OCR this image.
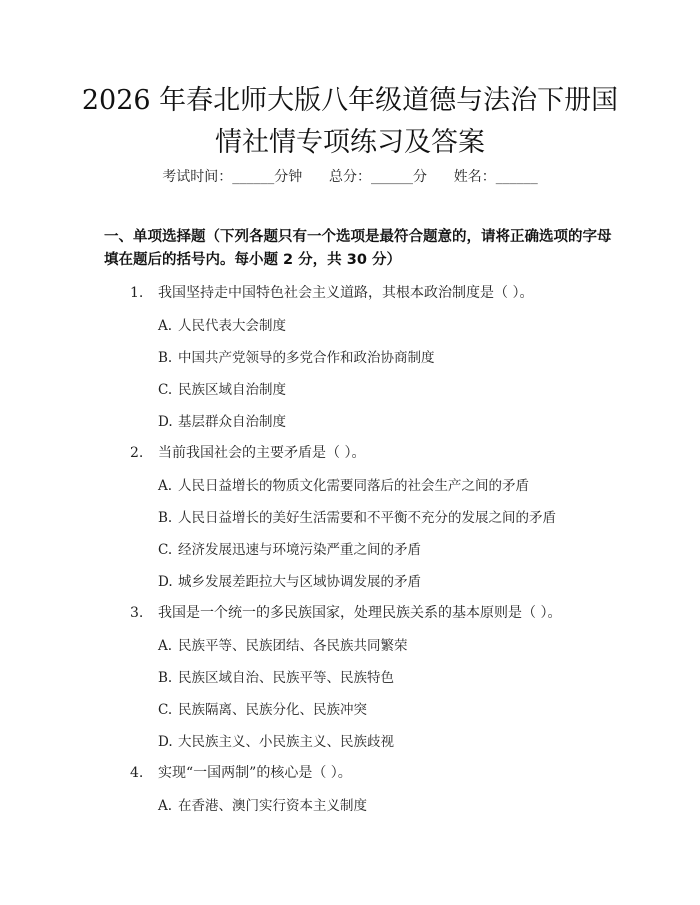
2026 年春北师大版八年级道德与法治下册国
情社情专项练习及答案
考试时间：______分钟      总分：______分      姓名：______
一、单项选择题（下列各题只有一个选项是最符合题意的，请将正确选项的字母
填在题后的括号内。每小题 2 分，共 30 分）
1. 我国坚持走中国特色社会主义道路，其根本政治制度是（ ）。
A. 人民代表大会制度
B. 中国共产党领导的多党合作和政治协商制度
C. 民族区域自治制度
D. 基层群众自治制度
2. 当前我国社会的主要矛盾是（ ）。
A. 人民日益增长的物质文化需要同落后的社会生产之间的矛盾
B. 人民日益增长的美好生活需要和不平衡不充分的发展之间的矛盾
C. 经济发展迅速与环境污染严重之间的矛盾
D. 城乡发展差距拉大与区域协调发展的矛盾
3. 我国是一个统一的多民族国家，处理民族关系的基本原则是（ ）。
A. 民族平等、民族团结、各民族共同繁荣
B. 民族区域自治、民族平等、民族特色
C. 民族隔离、民族分化、民族冲突
D. 大民族主义、小民族主义、民族歧视
4. 实现“一国两制”的核心是（ ）。
A. 在香港、澳门实行资本主义制度
